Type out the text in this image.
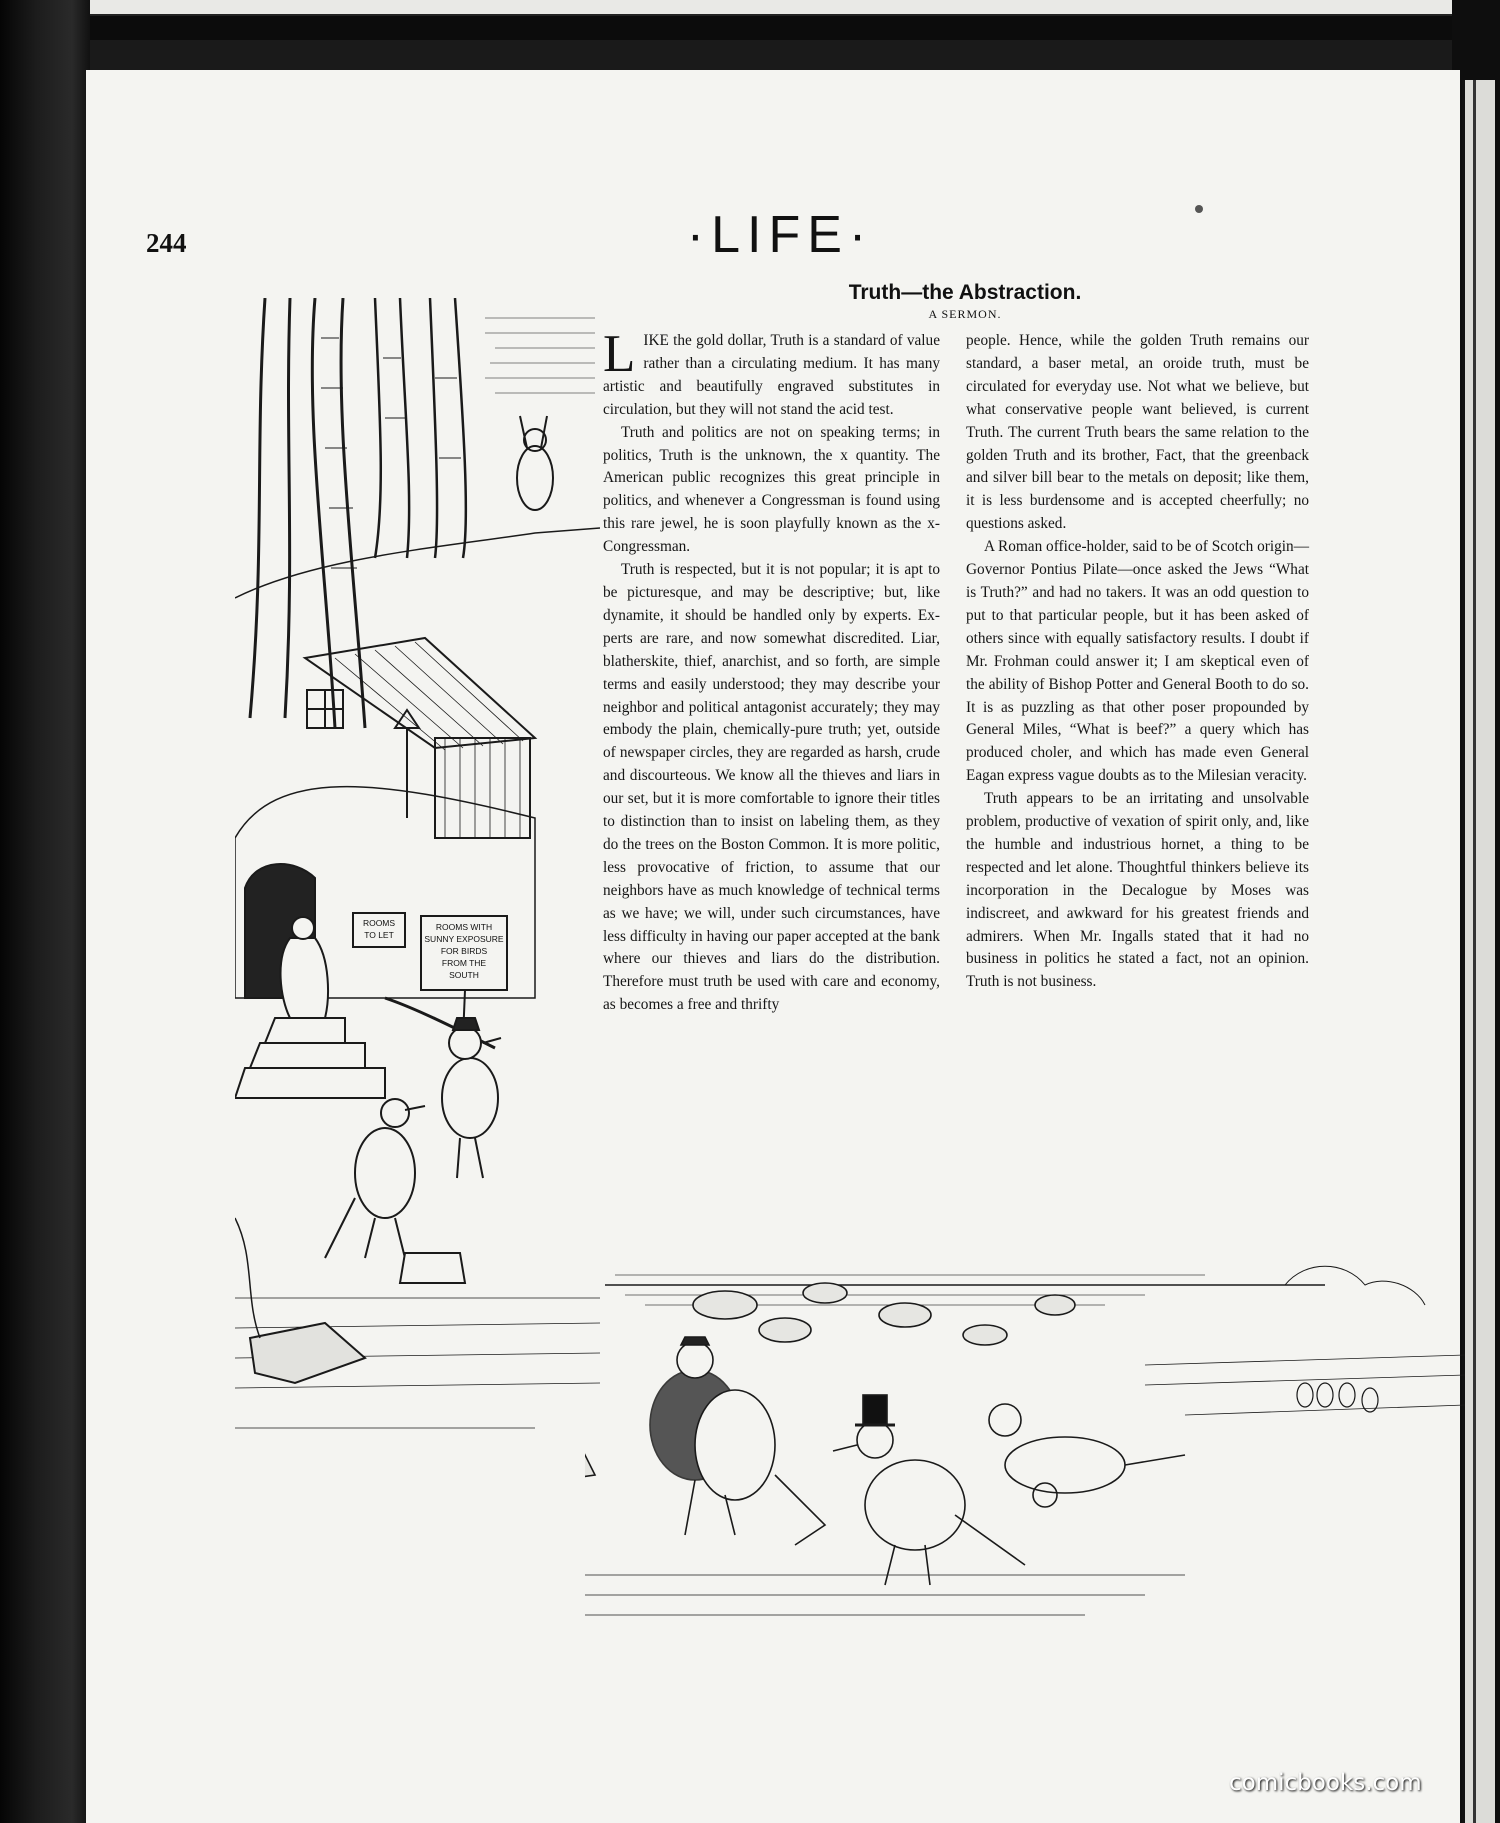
244	·LIFE·
Truth—the Abstraction.
A SERMON.

LIKE the gold dollar, Truth is a standard of value rather than a circulating medium. It has many artistic and beautifully engraved substitutes in circulation, but they will not stand the acid test.

Truth and politics are not on speaking terms; in politics, Truth is the unknown, the x quantity. The American public recognizes this great principle in politics, and whenever a Congressman is found using this rare jewel, he is soon playfully known as the x-Congressman.

Truth is respected, but it is not popular; it is apt to be picturesque, and may be descriptive; but, like dynamite, it should be handled only by experts. Experts are rare, and now somewhat discredited. Liar, blatherskite, thief, anarchist, and so forth, are simple terms and easily understood; they may describe your neighbor and political antagonist accurately; they may embody the plain, chemically-pure truth; yet, outside of newspaper circles, they are regarded as harsh, crude and discourteous. We know all the thieves and liars in our set, but it is more comfortable to ignore their titles to distinction than to insist on labeling them, as they do the trees on the Boston Common. It is more politic, less provocative of friction, to assume that our neighbors have as much knowledge of technical terms as we have; we will, under such circumstances, have less difficulty in having our paper accepted at the bank where our thieves and liars do the distribution. Therefore must truth be used with care and economy, as becomes a free and thrifty

people. Hence, while the golden Truth remains our standard, a baser metal, an oroide truth, must be circulated for everyday use. Not what we believe, but what conservative people want believed, is current Truth. The current Truth bears the same relation to the golden Truth and its brother, Fact, that the greenback and silver bill bear to the metals on deposit; like them, it is less burdensome and is accepted cheerfully; no questions asked.

A Roman office-holder, said to be of Scotch origin—Governor Pontius Pilate—once asked the Jews “What is Truth?” and had no takers. It was an odd question to put to that particular people, but it has been asked of others since with equally satisfactory results. I doubt if Mr. Frohman could answer it; I am skeptical even of the ability of Bishop Potter and General Booth to do so. It is as puzzling as that other poser propounded by General Miles, “What is beef?” a query which has produced choler, and which has made even General Eagan express vague doubts as to the Milesian veracity.

Truth appears to be an irritating and unsolvable problem, productive of vexation of spirit only, and, like the humble and industrious hornet, a thing to be respected and let alone. Thoughtful thinkers believe its incorporation in the Decalogue by Moses was indiscreet, and awkward for his greatest friends and admirers. When Mr. Ingalls stated that it had no business in politics he stated a fact, not an opinion. Truth is not business.

ROOMS
TO LET
ROOMS WITH
SUNNY EXPOSURE
FOR BIRDS
FROM THE
SOUTH
comicbooks.com
